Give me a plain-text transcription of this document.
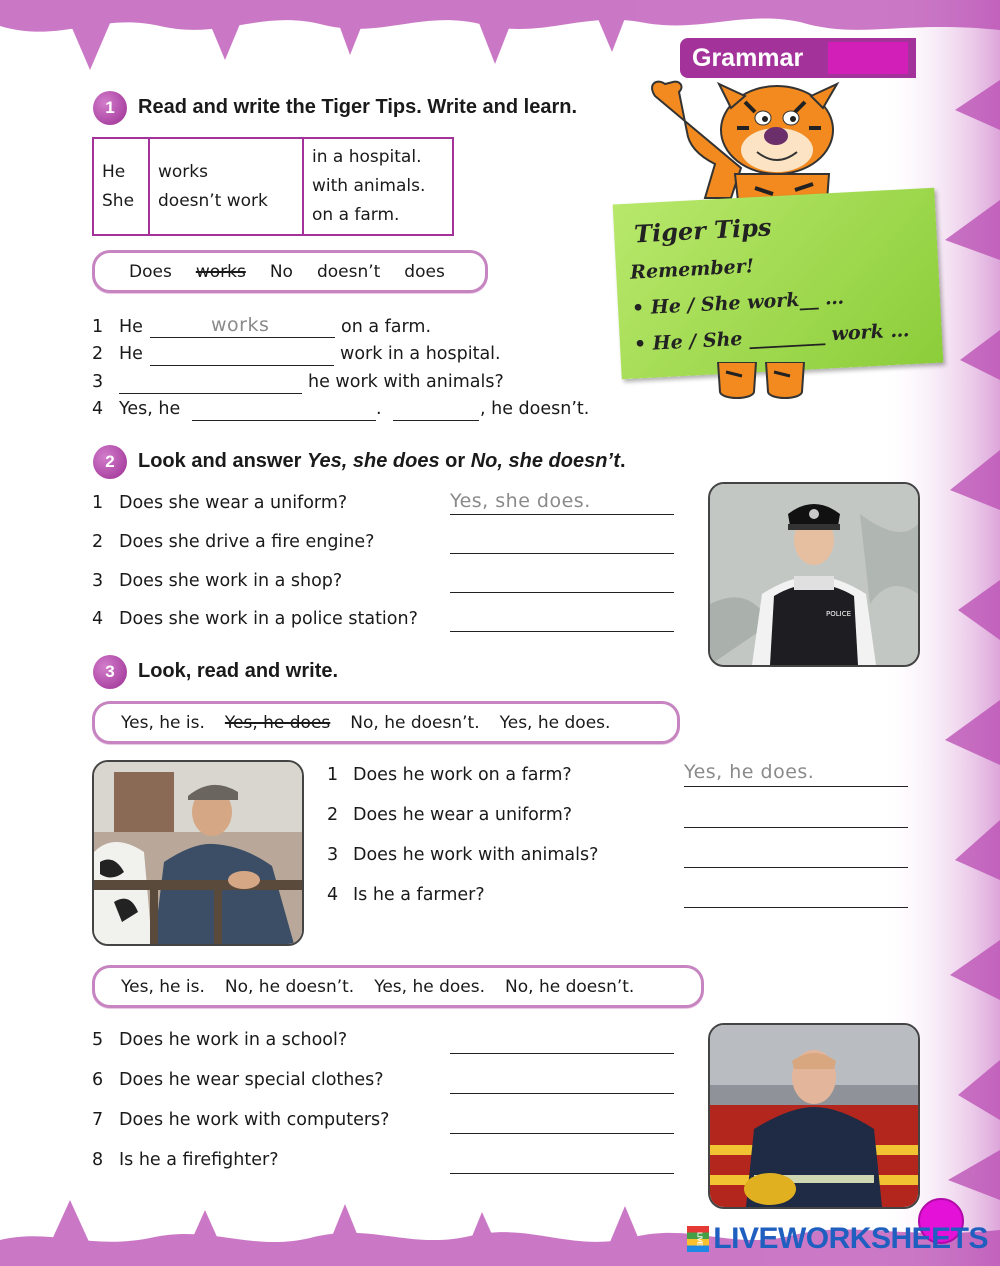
Grammar
1	Read and write the Tiger Tips. Write and learn.
He
She

works
doesn’t work

in a hospital.
with animals.
on a farm.
Does works No doesn’t does
1 He	works	on a farm.
2 He	work in a hospital.
3	he work with animals?
4 Yes, he	.	, he doesn’t.
Tiger Tips
Remember!
• He / She work__ …
• He / She ________ work …
2	Look and answer Yes, she does or No, she doesn’t.
1 Does she wear a uniform?	Yes, she does.
2 Does she drive a fire engine?
3 Does she work in a shop?
4 Does she work in a police station?	POLICE
3	Look, read and write.
Yes, he is. Yes, he does No, he doesn’t. Yes, he does.
1 Does he work on a farm?	Yes, he does.
2 Does he wear a uniform?
3 Does he work with animals?
4 Is he a farmer?
Yes, he is. No, he doesn’t. Yes, he does. No, he doesn’t.
5 Does he work in a school?
6 Does he wear special clothes?
7 Does he work with computers?
8 Is he a firefighter?
LIVE LIVEWORKSHEETS
